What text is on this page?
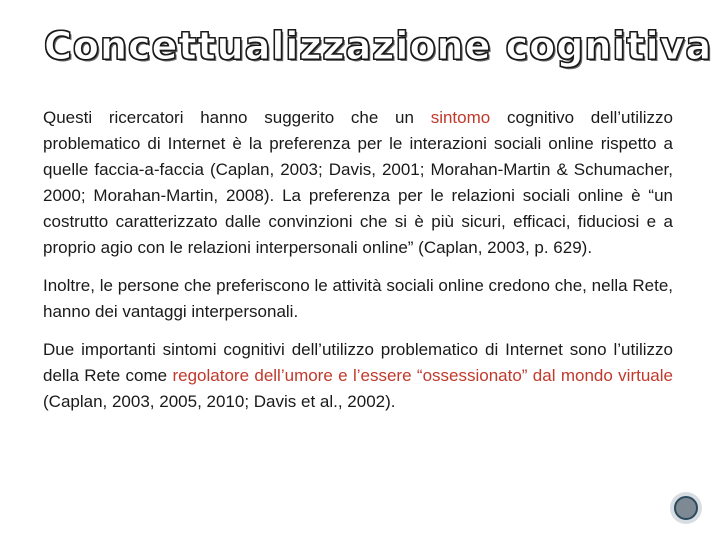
Concettualizzazione cognitiva

Questi ricercatori hanno suggerito che un sintomo cognitivo dell’utilizzo problematico di Internet è la preferenza per le interazioni sociali online rispetto a quelle faccia-a-faccia (Caplan, 2003; Davis, 2001; Morahan-Martin & Schumacher, 2000; Morahan-Martin, 2008). La preferenza per le relazioni sociali online è “un costrutto caratterizzato dalle convinzioni che si è più sicuri, efficaci, fiduciosi e a proprio agio con le relazioni interpersonali online” (Caplan, 2003, p. 629).

Inoltre, le persone che preferiscono le attività sociali online credono che, nella Rete, hanno dei vantaggi interpersonali.

Due importanti sintomi cognitivi dell’utilizzo problematico di Internet sono l’utilizzo della Rete come regolatore dell’umore e l’essere “ossessionato” dal mondo virtuale (Caplan, 2003, 2005, 2010; Davis et al., 2002).
